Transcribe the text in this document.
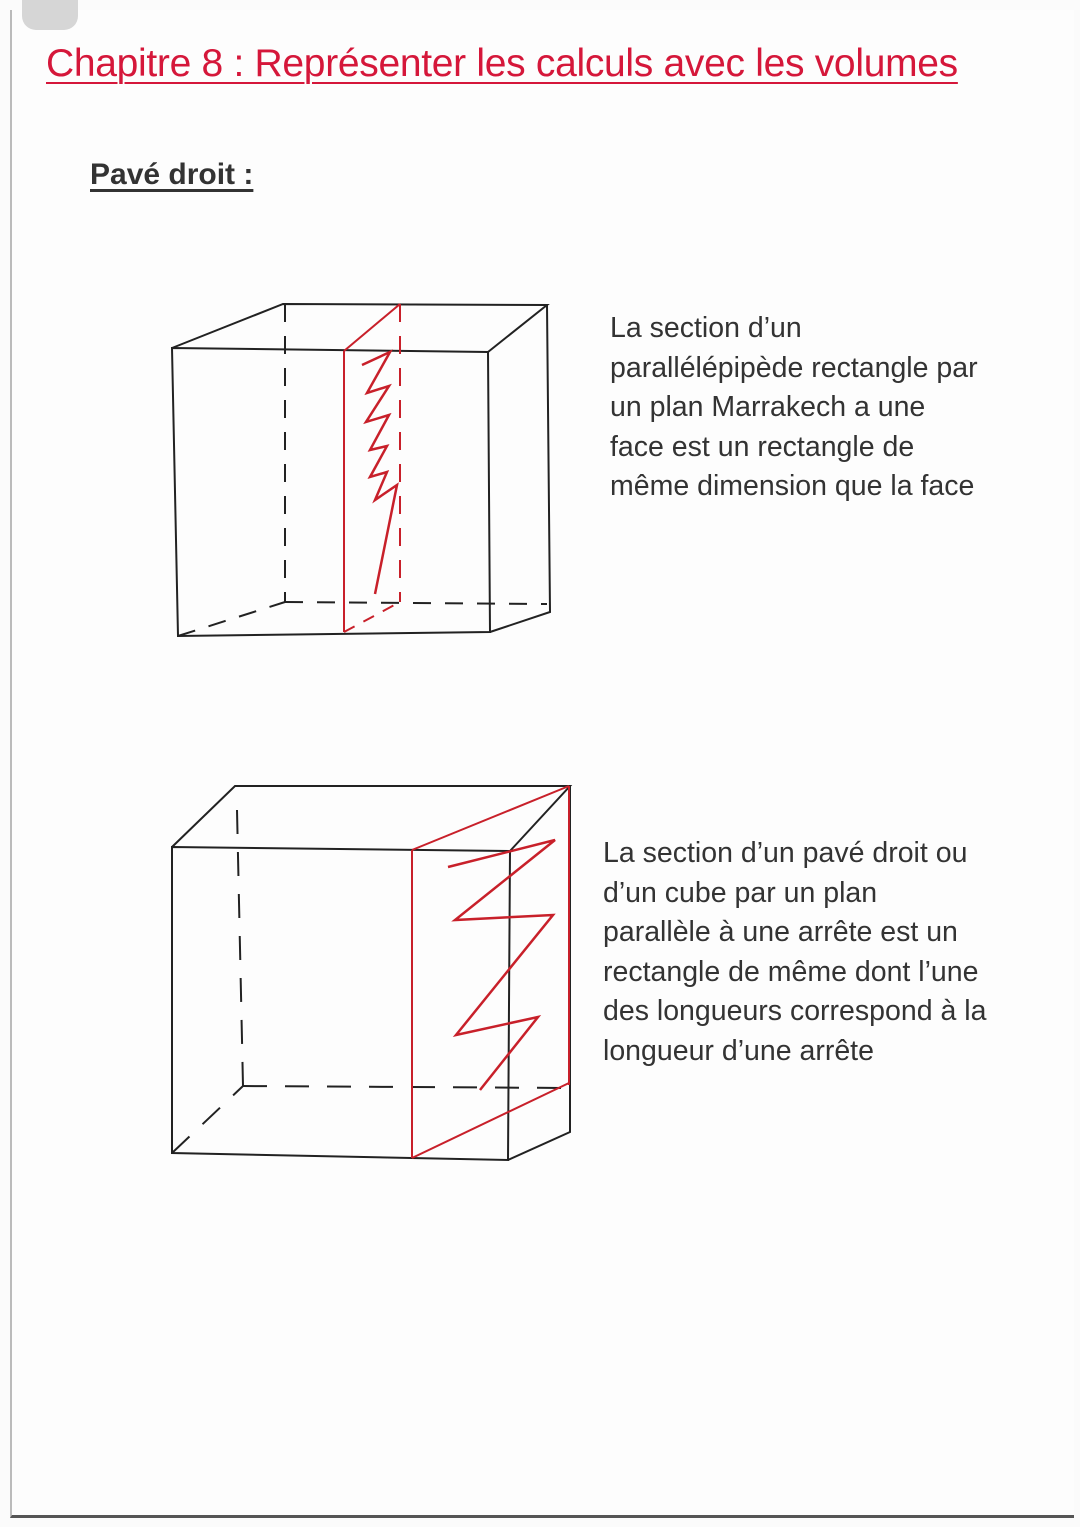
Chapitre 8 : Représenter les calculs avec les volumes
Pavé droit :
La section d’un
parallélépipède rectangle par
un plan Marrakech a une
face est un rectangle de
même dimension que la face
La section d’un pavé droit ou
d’un cube par un plan
parallèle à une arrête est un
rectangle de même dont l’une
des longueurs correspond à la
longueur d’une arrête
